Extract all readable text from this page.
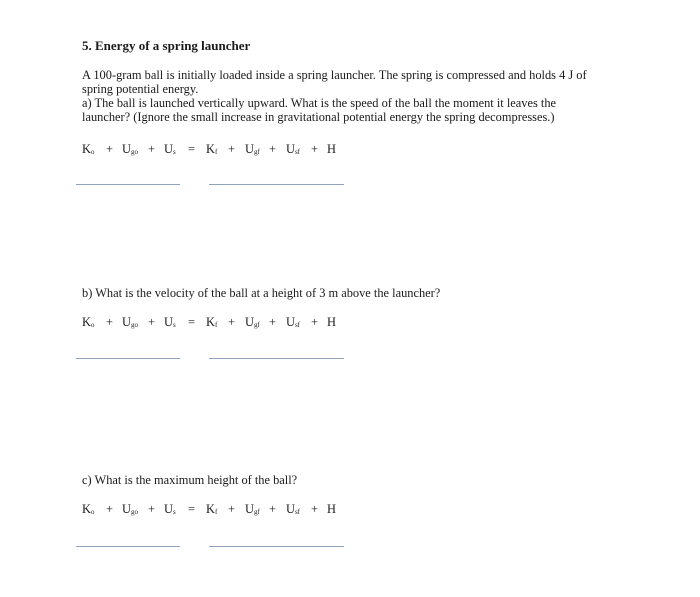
5. Energy of a spring launcher
A 100-gram ball is initially loaded inside a spring launcher. The spring is compressed and holds 4 J of
spring potential energy.
a) The ball is launched vertically upward. What is the speed of the ball the moment it leaves the
launcher? (Ignore the small increase in gravitational potential energy the spring decompresses.)
$K_o + U_{go} + U_s = K_f + U_{gf} + U_{sf} + H$
b) What is the velocity of the ball at a height of 3 m above the launcher?
$K_o + U_{go} + U_s = K_f + U_{gf} + U_{sf} + H$
c) What is the maximum height of the ball?
$K_o + U_{go} + U_s = K_f + U_{gf} + U_{sf} + H$
